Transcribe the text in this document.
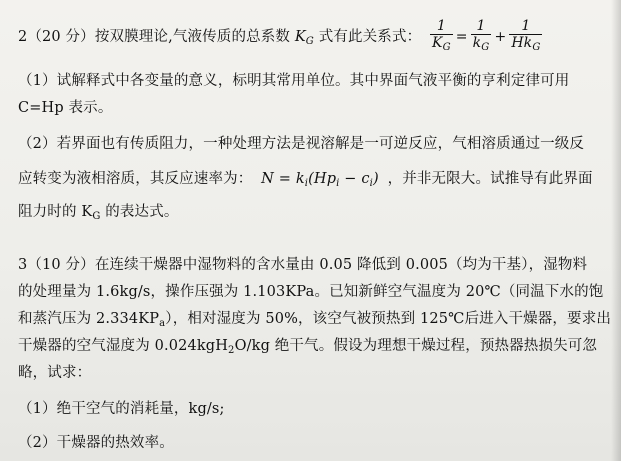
2（20 分）按双膜理论,气液传质的总系数 $K_G$ 式有此关系式： $\frac{1}{K_G} = \frac{1}{k_G} + \frac{1}{Hk_G}$
（1）试解释式中各变量的意义，标明其常用单位。其中界面气液平衡的亨利定律可用
C=Hp 表示。
（2）若界面也有传质阻力，一种处理方法是视溶解是一可逆反应，气相溶质通过一级反
应转变为液相溶质，其反应速率为： $N = k_i(Hp_i - c_i)$ ，并非无限大。试推导有此界面
阻力时的 $K_G$ 的表达式。
3（10 分）在连续干燥器中湿物料的含水量由 0.05 降低到 0.005（均为干基），湿物料
的处理量为 1.6kg/s，操作压强为 1.103KPa。已知新鲜空气温度为 20℃（同温下水的饱
和蒸汽压为 $2.334KP_a$），相对湿度为 50%，该空气被预热到 125℃后进入干燥器，要求出
干燥器的空气湿度为 0.024kgH$_2$O/kg 绝干气。假设为理想干燥过程，预热器热损失可忽
略，试求：
（1）绝干空气的消耗量，kg/s;
（2）干燥器的热效率。
